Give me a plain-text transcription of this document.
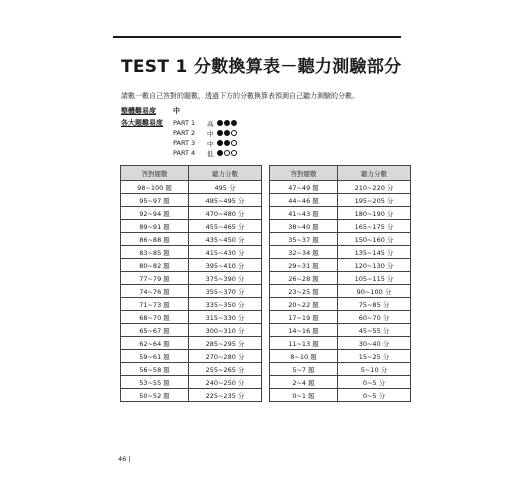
TEST 1 分數換算表－聽力測驗部分
請數一數自己答對的題數，透過下方的分數換算表預測自己聽力測驗的分數。
整體難易度 中
各大題難易度 PART 1	高
PART 2	中
PART 3	中
PART 4	低
答對題數	聽力分數		答對題數	聽力分數
98~100 題	495 分		47~49 題	210~220 分
95~97 題	485~495 分		44~46 題	195~205 分
92~94 題	470~480 分		41~43 題	180~190 分
89~91 題	455~465 分		38~40 題	165~175 分
86~88 題	435~450 分		35~37 題	150~160 分
83~85 題	415~430 分		32~34 題	135~145 分
80~82 題	395~410 分		29~31 題	120~130 分
77~79 題	375~390 分		26~28 題	105~115 分
74~76 題	355~370 分		23~25 題	90~100 分
71~73 題	335~350 分		20~22 題	75~85 分
68~70 題	315~330 分		17~19 題	60~70 分
65~67 題	300~310 分		14~16 題	45~55 分
62~64 題	285~295 分		11~13 題	30~40 分
59~61 題	270~280 分		8~10 題	15~25 分
56~58 題	255~265 分		5~7 題	5~10 分
53~55 題	240~250 分		2~4 題	0~5 分
50~52 題	225~235 分		0~1 題	0~5 分
46 |
